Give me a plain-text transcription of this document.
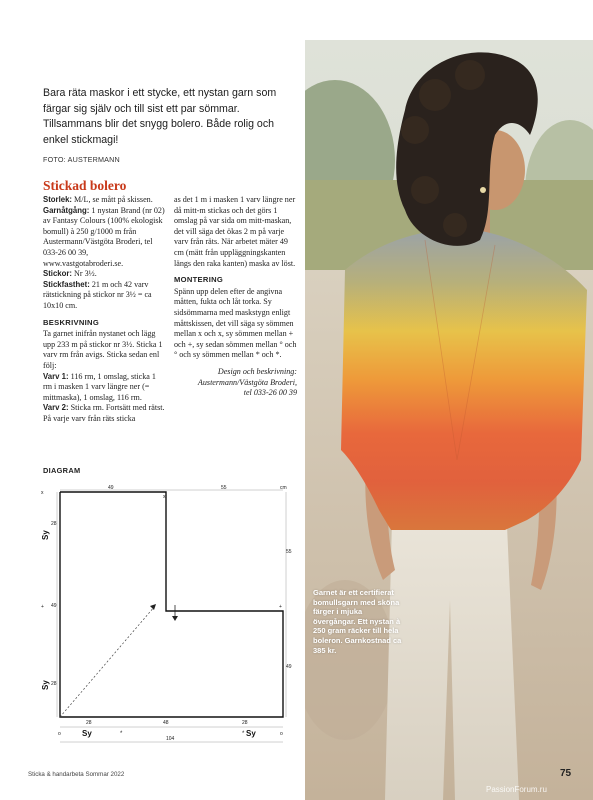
Bara räta maskor i ett stycke, ett nystan garn som färgar sig själv och till sist ett par sömmar. Tillsammans blir det snygg bolero. Både rolig och enkel stickmagi!

FOTO: AUSTERMANN
Stickad bolero

Storlek: M/L, se mått på skissen.

Garnåtgång: 1 nystan Brand (nr 02) av Fantasy Colours (100% ekologisk bomull) à 250 g/1000 m från Austermann/Västgöta Broderi, tel 033-26 00 39, www.vastgotabroderi.se.

Stickor: Nr 3½.

Stickfasthet: 21 m och 42 varv rätstickning på stickor nr 3½ = ca 10x10 cm.

BESKRIVNING

Ta garnet inifrån nystanet och lägg upp 233 m på stickor nr 3½. Sticka 1 varv rm från avigs. Sticka sedan enl följ:

Varv 1: 116 rm, 1 omslag, sticka 1 rm i masken 1 varv längre ner (= mittmaska), 1 omslag, 116 rm.

Varv 2: Sticka rm. Fortsätt med rätst. På varje varv från räts sticka

as det 1 m i masken 1 varv längre ner då mitt-m stickas och det görs 1 omslag på var sida om mitt-maskan, det vill säga det ökas 2 m på varje varv från räts. När arbetet mäter 49 cm (mätt från uppläggningskanten längs den raka kanten) maska av löst.

MONTERING

Spänn upp delen efter de angivna måtten, fukta och låt torka. Sy sidsömmarna med maskstygn enligt måttskissen, det vill säga sy sömmen mellan x och x, sy sömmen mellan + och +, sy sedan sömmen mellan ° och ° och sy sömmen mellan * och *.

Design och beskrivning:
Austermann/Västgöta Broderi,
tel 033-26 00 39
DIAGRAM
49	55	cm
55
49
28
49
28
28	48	28
104
x
x
+	+
*	*
o	o
Sy
Sy
Sy	Sy
Sticka & handarbeta Sommar 2022
Garnet är ett certifierat bomullsgarn med sköna färger i mjuka övergångar. Ett nystan à 250 gram räcker till hela boleron. Garnkostnad ca 385 kr.
75
PassionForum.ru
